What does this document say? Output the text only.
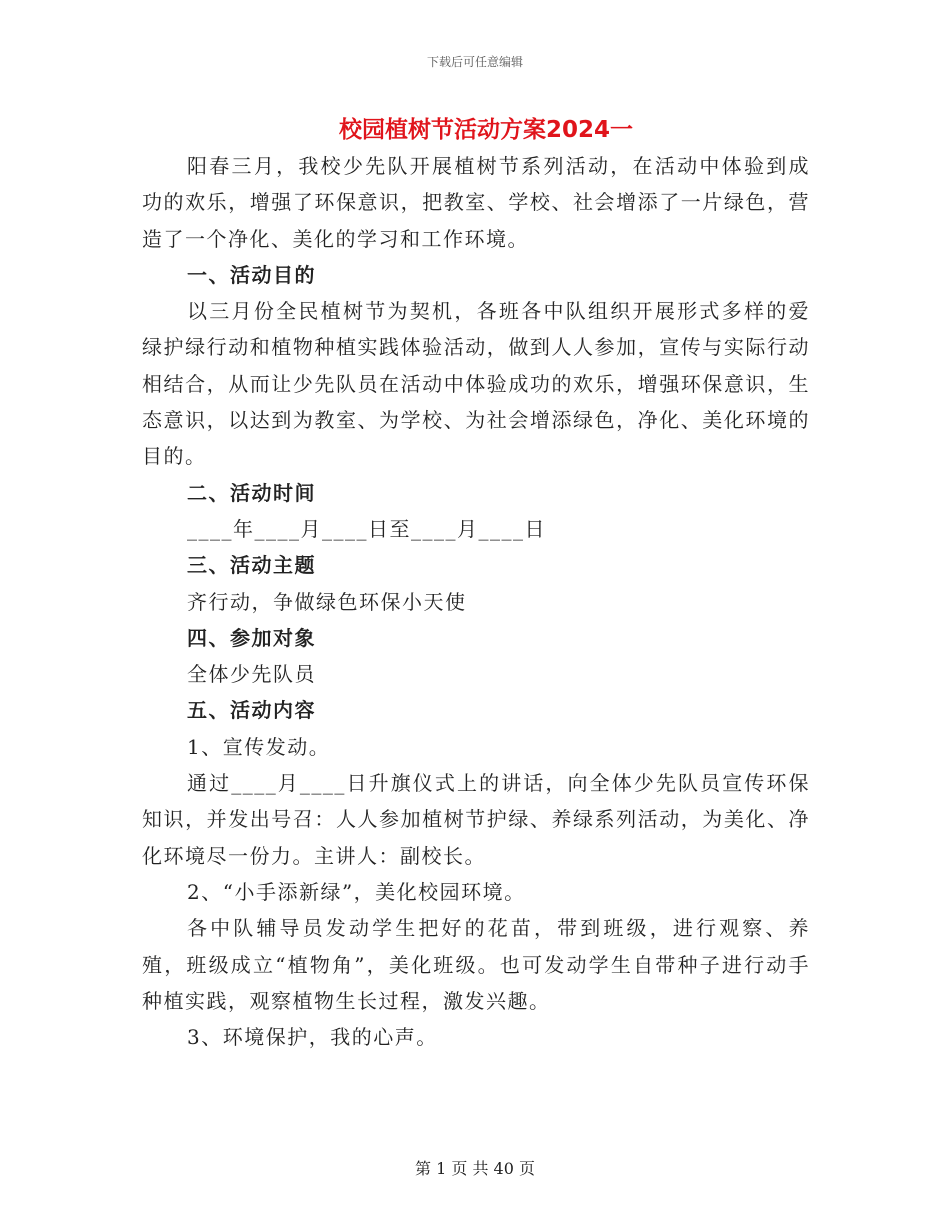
下载后可任意编辑

校园植树节活动方案2024一

阳春三月，我校少先队开展植树节系列活动，在活动中体验到成功的欢乐，增强了环保意识，把教室、学校、社会增添了一片绿色，营造了一个净化、美化的学习和工作环境。

一、活动目的

以三月份全民植树节为契机，各班各中队组织开展形式多样的爱绿护绿行动和植物种植实践体验活动，做到人人参加，宣传与实际行动相结合，从而让少先队员在活动中体验成功的欢乐，增强环保意识，生态意识，以达到为教室、为学校、为社会增添绿色，净化、美化环境的目的。

二、活动时间

____年____月____日至____月____日

三、活动主题

齐行动，争做绿色环保小天使

四、参加对象

全体少先队员

五、活动内容

1、宣传发动。

通过____月____日升旗仪式上的讲话，向全体少先队员宣传环保知识，并发出号召：人人参加植树节护绿、养绿系列活动，为美化、净化环境尽一份力。主讲人：副校长。

2、“小手添新绿”，美化校园环境。

各中队辅导员发动学生把好的花苗，带到班级，进行观察、养殖，班级成立“植物角”，美化班级。也可发动学生自带种子进行动手种植实践，观察植物生长过程，激发兴趣。

3、环境保护，我的心声。

第 1 页 共 40 页
